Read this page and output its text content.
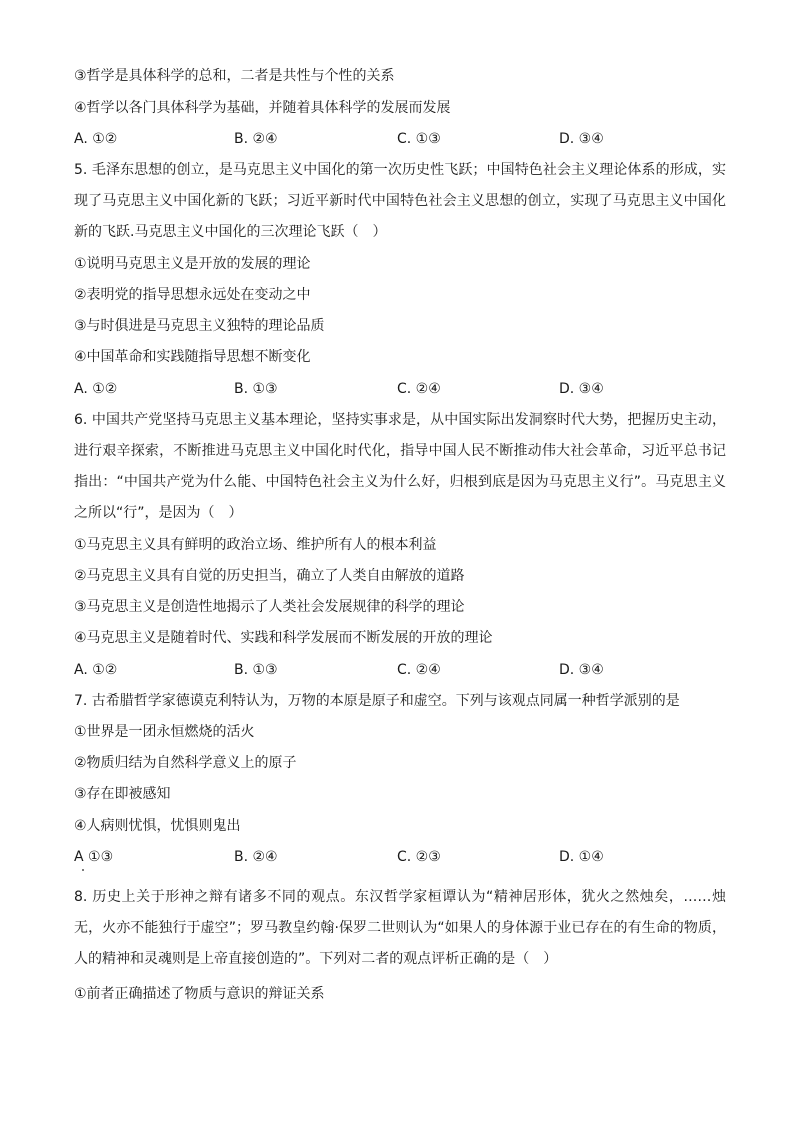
③哲学是具体科学的总和，二者是共性与个性的关系
④哲学以各门具体科学为基础，并随着具体科学的发展而发展
A. ①②	B. ②④	C. ①③	D. ③④
5. 毛泽东思想的创立，是马克思主义中国化的第一次历史性飞跃；中国特色社会主义理论体系的形成，实现了马克思主义中国化新的飞跃；习近平新时代中国特色社会主义思想的创立，实现了马克思主义中国化新的飞跃.马克思主义中国化的三次理论飞跃（　）
①说明马克思主义是开放的发展的理论
②表明党的指导思想永远处在变动之中
③与时俱进是马克思主义独特的理论品质
④中国革命和实践随指导思想不断变化
A. ①②	B. ①③	C. ②④	D. ③④
6. 中国共产党坚持马克思主义基本理论，坚持实事求是，从中国实际出发洞察时代大势，把握历史主动，进行艰辛探索，不断推进马克思主义中国化时代化，指导中国人民不断推动伟大社会革命，习近平总书记指出：“中国共产党为什么能、中国特色社会主义为什么好，归根到底是因为马克思主义行”。马克思主义之所以“行”，是因为（　）
①马克思主义具有鲜明的政治立场、维护所有人的根本利益
②马克思主义具有自觉的历史担当，确立了人类自由解放的道路
③马克思主义是创造性地揭示了人类社会发展规律的科学的理论
④马克思主义是随着时代、实践和科学发展而不断发展的开放的理论
A. ①②	B. ①③	C. ②④	D. ③④
7. 古希腊哲学家德谟克利特认为，万物的本原是原子和虚空。下列与该观点同属一种哲学派别的是
①世界是一团永恒燃烧的活火
②物质归结为自然科学意义上的原子
③存在即被感知
④人病则忧惧，忧惧则鬼出
A ①③	B. ②④	C. ②③	D. ①④
8. 历史上关于形神之辩有诸多不同的观点。东汉哲学家桓谭认为“精神居形体，犹火之然烛矣，……烛无，火亦不能独行于虚空”；罗马教皇约翰·保罗二世则认为“如果人的身体源于业已存在的有生命的物质，人的精神和灵魂则是上帝直接创造的”。下列对二者的观点评析正确的是（　）
①前者正确描述了物质与意识的辩证关系
